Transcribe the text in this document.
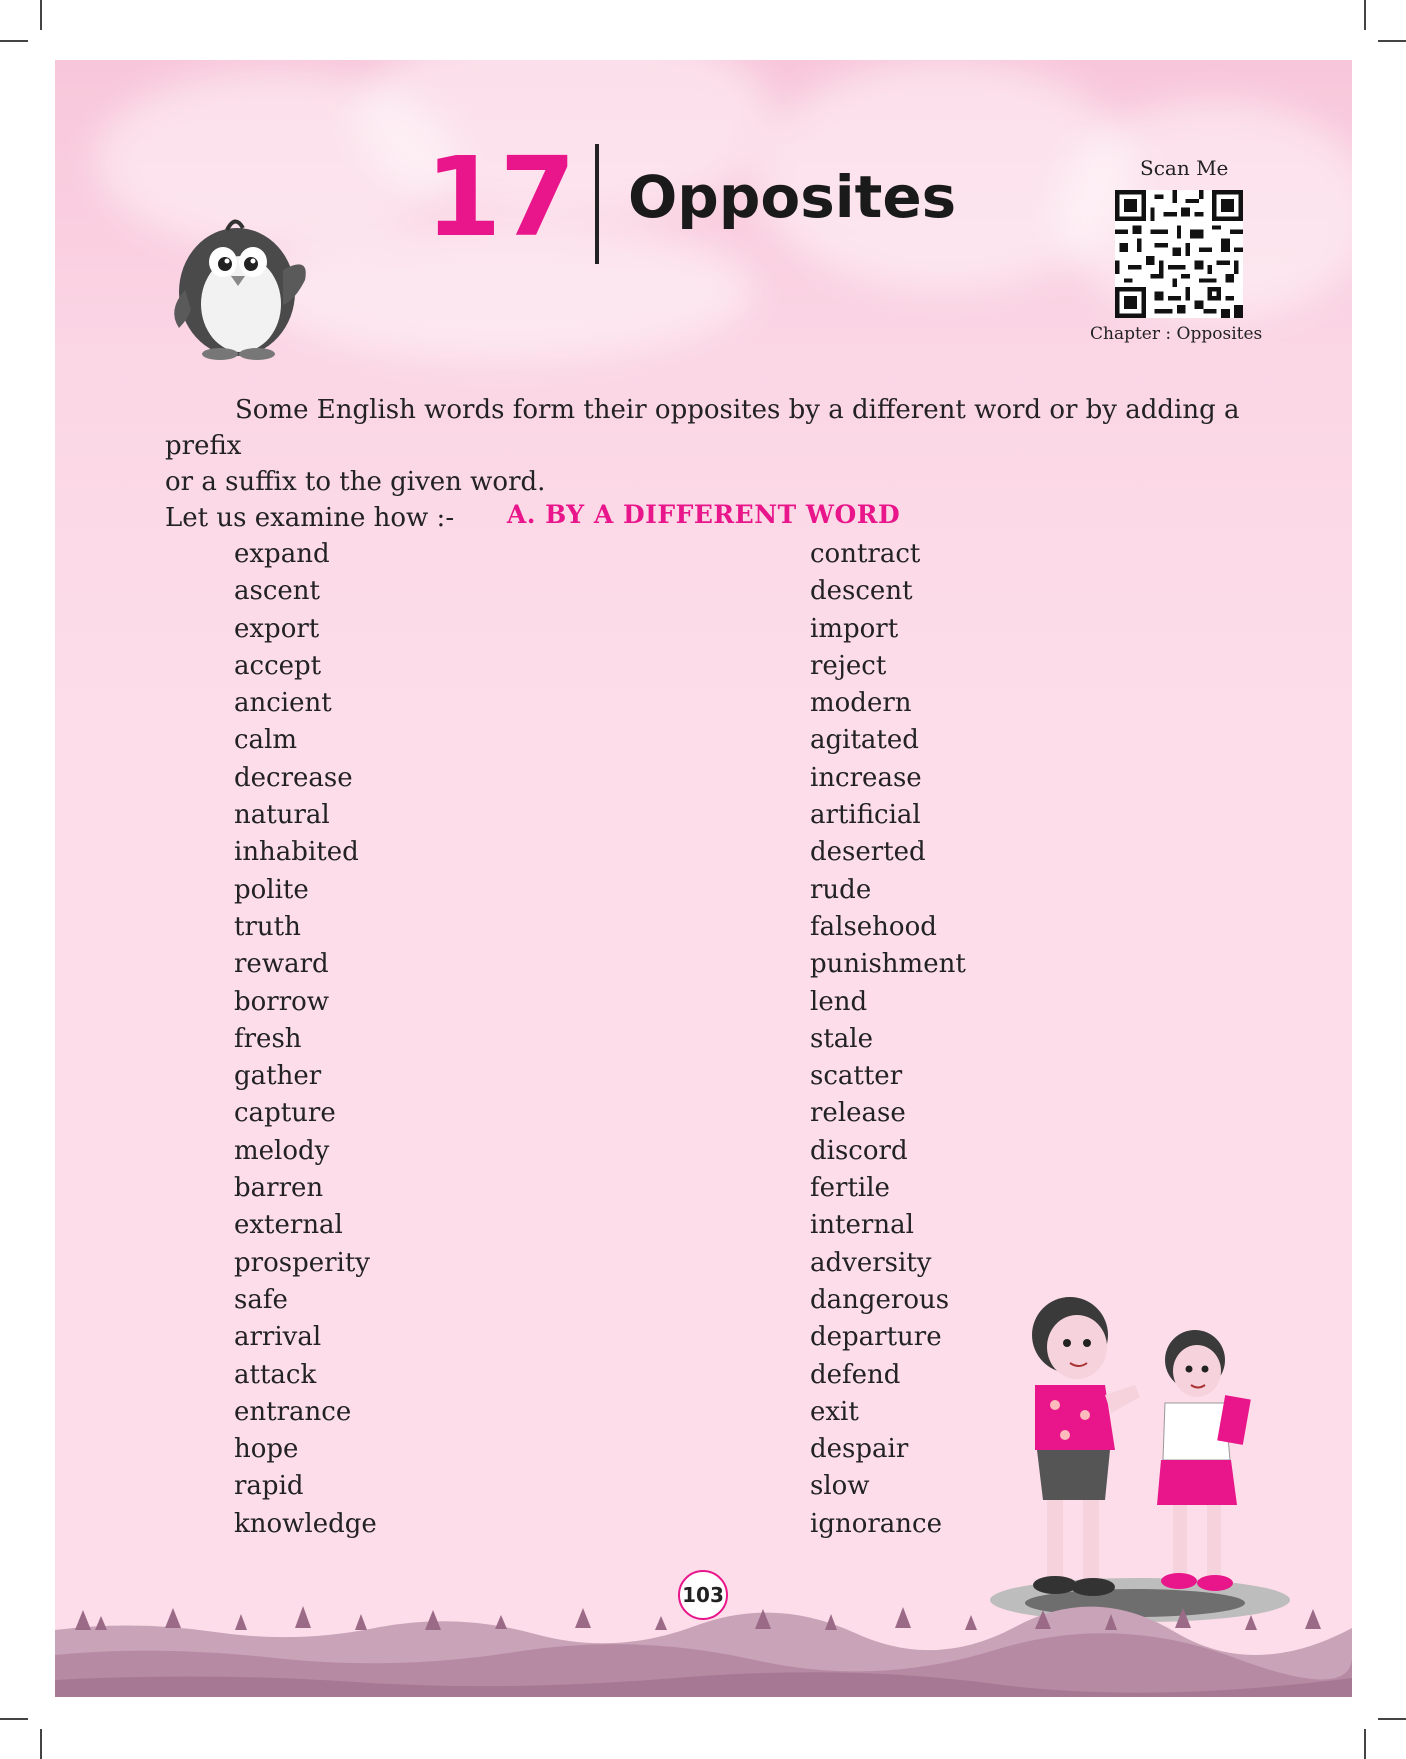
17 Opposites	Scan Me
Chapter : Opposites

Some English words form their opposites by a different word or by adding a prefix

or a suffix to the given word.

Let us examine how :-	A. BY A DIFFERENT WORD
expand
ascent
export
accept
ancient
calm
decrease
natural
inhabited
polite
truth
reward
borrow
fresh
gather
capture
melody
barren
external
prosperity
safe
arrival
attack
entrance
hope
rapid
knowledge
contract
descent
import
reject
modern
agitated
increase
artificial
deserted
rude
falsehood
punishment
lend
stale
scatter
release
discord
fertile
internal
adversity
dangerous
departure
defend
exit
despair
slow
ignorance
103
